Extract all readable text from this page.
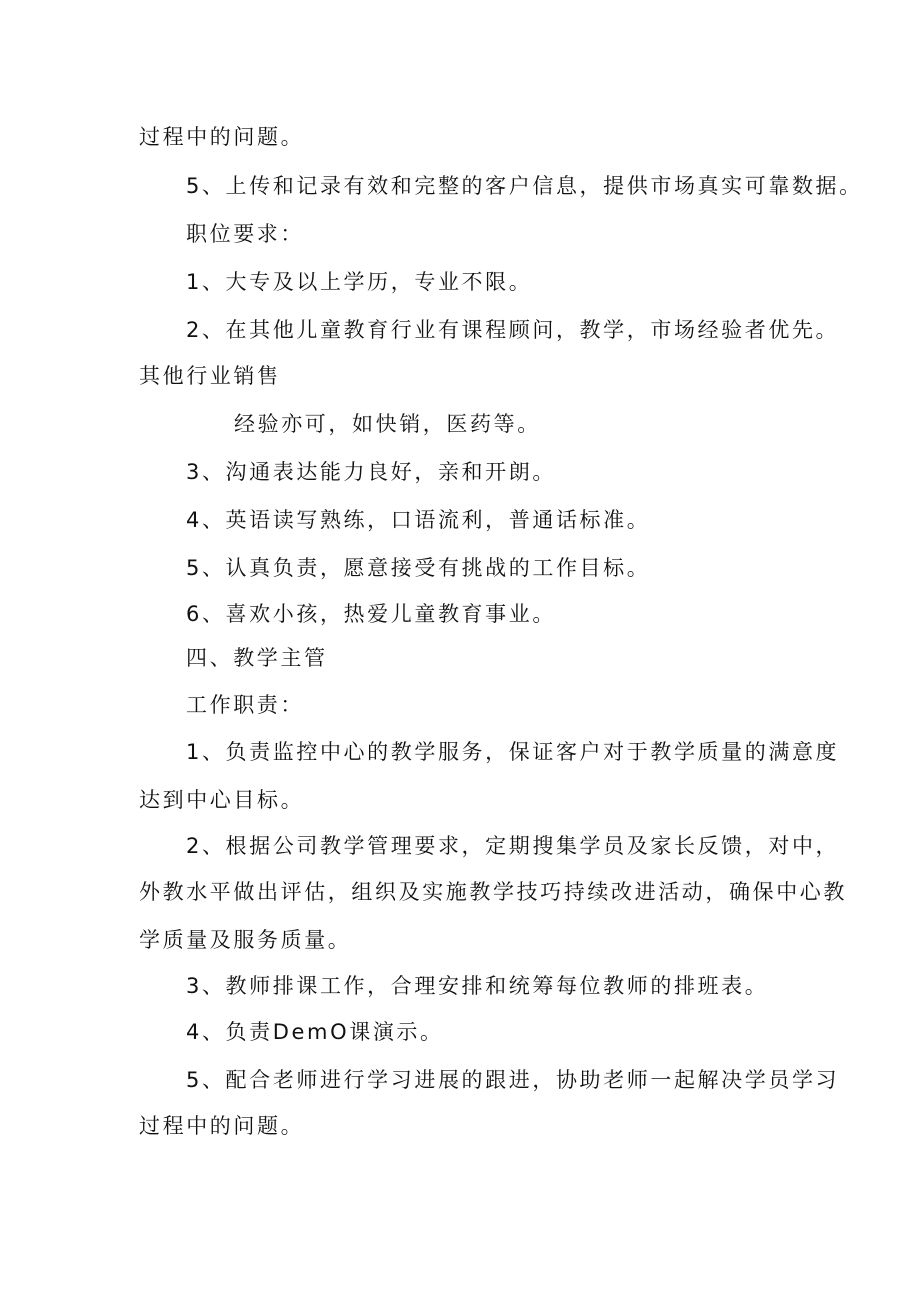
过程中的问题。
5、上传和记录有效和完整的客户信息，提供市场真实可靠数据。
职位要求：
1、大专及以上学历，专业不限。
2、在其他儿童教育行业有课程顾问，教学，市场经验者优先。
其他行业销售
经验亦可，如快销，医药等。
3、沟通表达能力良好，亲和开朗。
4、英语读写熟练，口语流利，普通话标准。
5、认真负责，愿意接受有挑战的工作目标。
6、喜欢小孩，热爱儿童教育事业。
四、教学主管
工作职责：
1、负责监控中心的教学服务，保证客户对于教学质量的满意度
达到中心目标。
2、根据公司教学管理要求，定期搜集学员及家长反馈，对中，
外教水平做出评估，组织及实施教学技巧持续改进活动，确保中心教
学质量及服务质量。
3、教师排课工作，合理安排和统筹每位教师的排班表。
4、负责DemO课演示。
5、配合老师进行学习进展的跟进，协助老师一起解决学员学习
过程中的问题。
